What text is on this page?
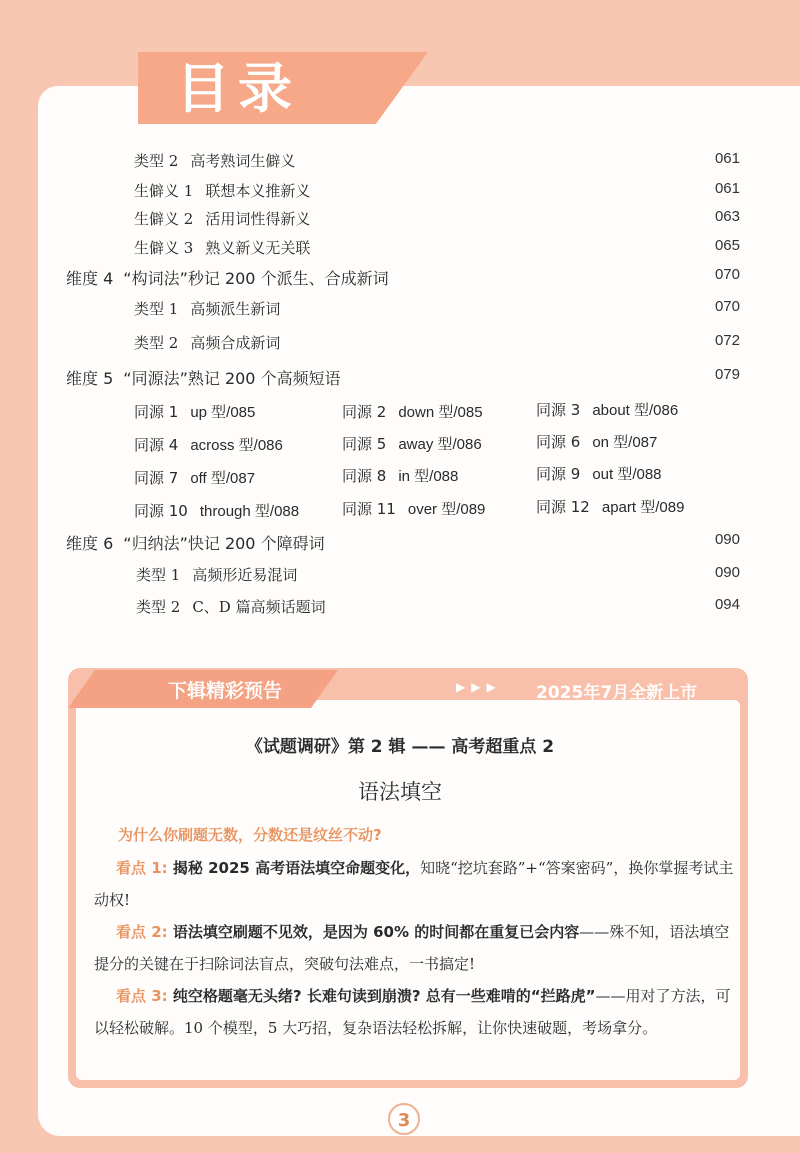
目录
类型 2 高考熟词生僻义	061
生僻义 1 联想本义推新义	061
生僻义 2 活用词性得新义	063
生僻义 3 熟义新义无关联	065
维度 4 “构词法”秒记 200 个派生、合成新词	070
类型 1 高频派生新词	070
类型 2 高频合成新词	072
维度 5 “同源法”熟记 200 个高频短语	079
同源 1 up 型/085	同源 2 down 型/085	同源 3 about 型/086
同源 4 across 型/086	同源 5 away 型/086	同源 6 on 型/087
同源 7 off 型/087	同源 8 in 型/088	同源 9 out 型/088
同源 10 through 型/088	同源 11 over 型/089	同源 12 apart 型/089
维度 6 “归纳法”快记 200 个障碍词	090
类型 1 高频形近易混词	090
类型 2 C、D 篇高频话题词	094
下辑精彩预告	▶▶▶ 2025年7月全新上市
《试题调研》第 2 辑 —— 高考超重点 2
语法填空
为什么你刷题无数，分数还是纹丝不动?
看点 1: 揭秘 2025 高考语法填空命题变化，知晓“挖坑套路”+“答案密码”，换你掌握考试主动权!
看点 2: 语法填空刷题不见效，是因为 60% 的时间都在重复已会内容——殊不知，语法填空提分的关键在于扫除词法盲点，突破句法难点，一书搞定!
看点 3: 纯空格题毫无头绪? 长难句读到崩溃? 总有一些难啃的“拦路虎”——用对了方法，可以轻松破解。10 个模型，5 大巧招，复杂语法轻松拆解，让你快速破题，考场拿分。
3
